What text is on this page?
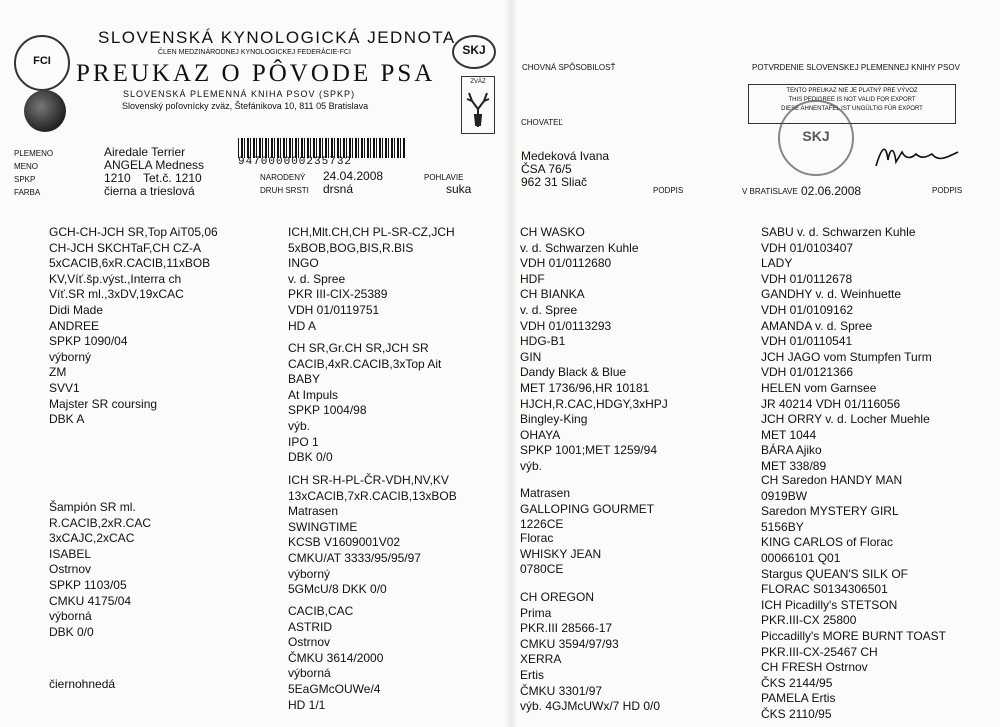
FCI
SLOVENSKÁ KYNOLOGICKÁ JEDNOTA
ČLEN MEDZINÁRODNEJ KYNOLOGICKEJ FEDERÁCIE-FCI
PREUKAZ O PÔVODE PSA
SLOVENSKÁ PLEMENNÁ KNIHA PSOV (SPKP)
Slovenský poľovnícky zväz, Štefánikova 10, 811 05 Bratislava
SKJ
ZVÄZ
PLEMENO	Airedale Terrier
MENO	ANGELA Medness
SPKP	1210 Tet.č. 1210
FARBA	čierna a trieslová
947000000235732
NARODENÝ 24.04.2008
DRUH SRSTI drsná
POHLAVIE
suka
CHOVNÁ SPÔSOBILOSŤ	POTVRDENIE SLOVENSKEJ PLEMENNEJ KNIHY PSOV
TENTO PREUKAZ NIE JE PLATNÝ PRE VÝVOZ
THIS PEDIGREE IS NOT VALID FOR EXPORT
DIESE AHNENTAFEL IST UNGÜLTIG FÜR EXPORT
CHOVATEĽ
Medeková Ivana
ČSA 76/5
962 31 Sliač
PODPIS	V BRATISLAVE 02.06.2008	PODPIS
SKJ
GCH-CH-JCH SR,Top AiT05,06
CH-JCH SKCHTaF,CH CZ-A
5xCACIB,6xR.CACIB,11xBOB
KV,Víť.šp.výst.,Interra ch
Víť.SR ml.,3xDV,19xCAC
Didi Made
ANDREE
SPKP 1090/04
výborný
ZM
SVV1
Majster SR coursing
DBK A
Šampión SR ml.
R.CACIB,2xR.CAC
3xCAJC,2xCAC
ISABEL
Ostrnov
SPKP 1103/05
CMKU 4175/04
výborná
DBK 0/0
čiernohnedá
ICH,Mlt.CH,CH PL-SR-CZ,JCH
5xBOB,BOG,BIS,R.BIS
INGO
v. d. Spree
PKR III-CIX-25389
VDH 01/0119751
HD A
CH SR,Gr.CH SR,JCH SR
CACIB,4xR.CACIB,3xTop Ait
BABY
At Impuls
SPKP 1004/98
výb.
IPO 1
DBK 0/0
ICH SR-H-PL-ČR-VDH,NV,KV
13xCACIB,7xR.CACIB,13xBOB
Matrasen
SWINGTIME
KCSB V1609001V02
CMKU/AT 3333/95/95/97
výborný
5GMcU/8 DKK 0/0
CACIB,CAC
ASTRID
Ostrnov
ČMKU 3614/2000
výborná
5EaGMcOUWe/4
HD 1/1
CH WASKO
v. d. Schwarzen Kuhle
VDH 01/0112680
HDF
CH BIANKA
v. d. Spree
VDH 01/0113293
HDG-B1
GIN
Dandy Black & Blue
MET 1736/96,HR 10181
HJCH,R.CAC,HDGY,3xHPJ
Bingley-King
OHAYA
SPKP 1001;MET 1259/94
výb.
Matrasen
GALLOPING GOURMET
1226CE
Florac
WHISKY JEAN
0780CE
CH OREGON
Prima
PKR.III 28566-17
CMKU 3594/97/93
XERRA
Ertis
ČMKU 3301/97
výb. 4GJMcUWx/7 HD 0/0
SABU v. d. Schwarzen Kuhle
VDH 01/0103407
LADY
VDH 01/0112678
GANDHY v. d. Weinhuette
VDH 01/0109162
AMANDA v. d. Spree
VDH 01/0110541
JCH JAGO vom Stumpfen Turm
VDH 01/0121366
HELEN vom Garnsee
JR 40214 VDH 01/116056
JCH ORRY v. d. Locher Muehle
MET 1044
BÁRA Ajiko
MET 338/89
CH Saredon HANDY MAN
0919BW
Saredon MYSTERY GIRL
5156BY
KING CARLOS of Florac
00066101 Q01
Stargus QUEAN'S SILK OF
FLORAC S0134306501
ICH Picadilly's STETSON
PKR.III-CX 25800
Piccadilly's MORE BURNT TOAST
PKR.III-CX-25467 CH
CH FRESH Ostrnov
ČKS 2144/95
PAMELA Ertis
ČKS 2110/95
